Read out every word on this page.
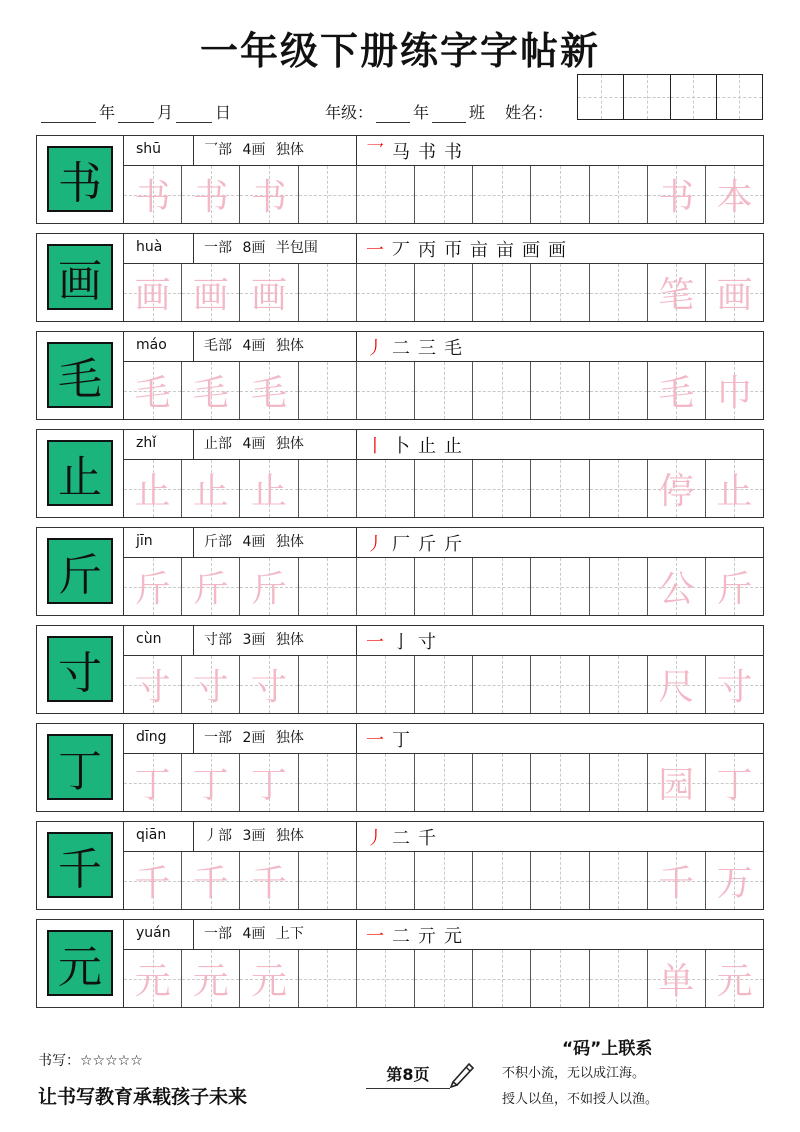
一年级下册练字字帖新
年	月	日	年级：	年	班 姓名：
书
shū	乛部 4画 独体	乛 马 书 书
书 书 书	书 本
画
huà	一部 8画 半包围	一 丆 丙 帀 亩 亩 画 画
画 画 画	笔 画
毛
máo	毛部 4画 独体	丿 二 三 毛
毛 毛 毛	毛 巾
止
zhǐ	止部 4画 独体	丨 卜 止 止
止 止 止	停 止
斤
jīn	斤部 4画 独体	丿 厂 斤 斤
斤 斤 斤	公 斤
寸
cùn	寸部 3画 独体	一 亅 寸
寸 寸 寸	尺 寸
丁
dīng	一部 2画 独体	一 丁
丁 丁 丁	园 丁
千
qiān	丿部 3画 独体	丿 二 千
千 千 千	千 万
元
yuán	一部 4画 上下	一 二 亓 元
元 元 元	单 元
书写：☆☆☆☆☆
让书写教育承载孩子未来
第8页
“码”上联系
不积小流，无以成江海。
授人以鱼，不如授人以渔。
